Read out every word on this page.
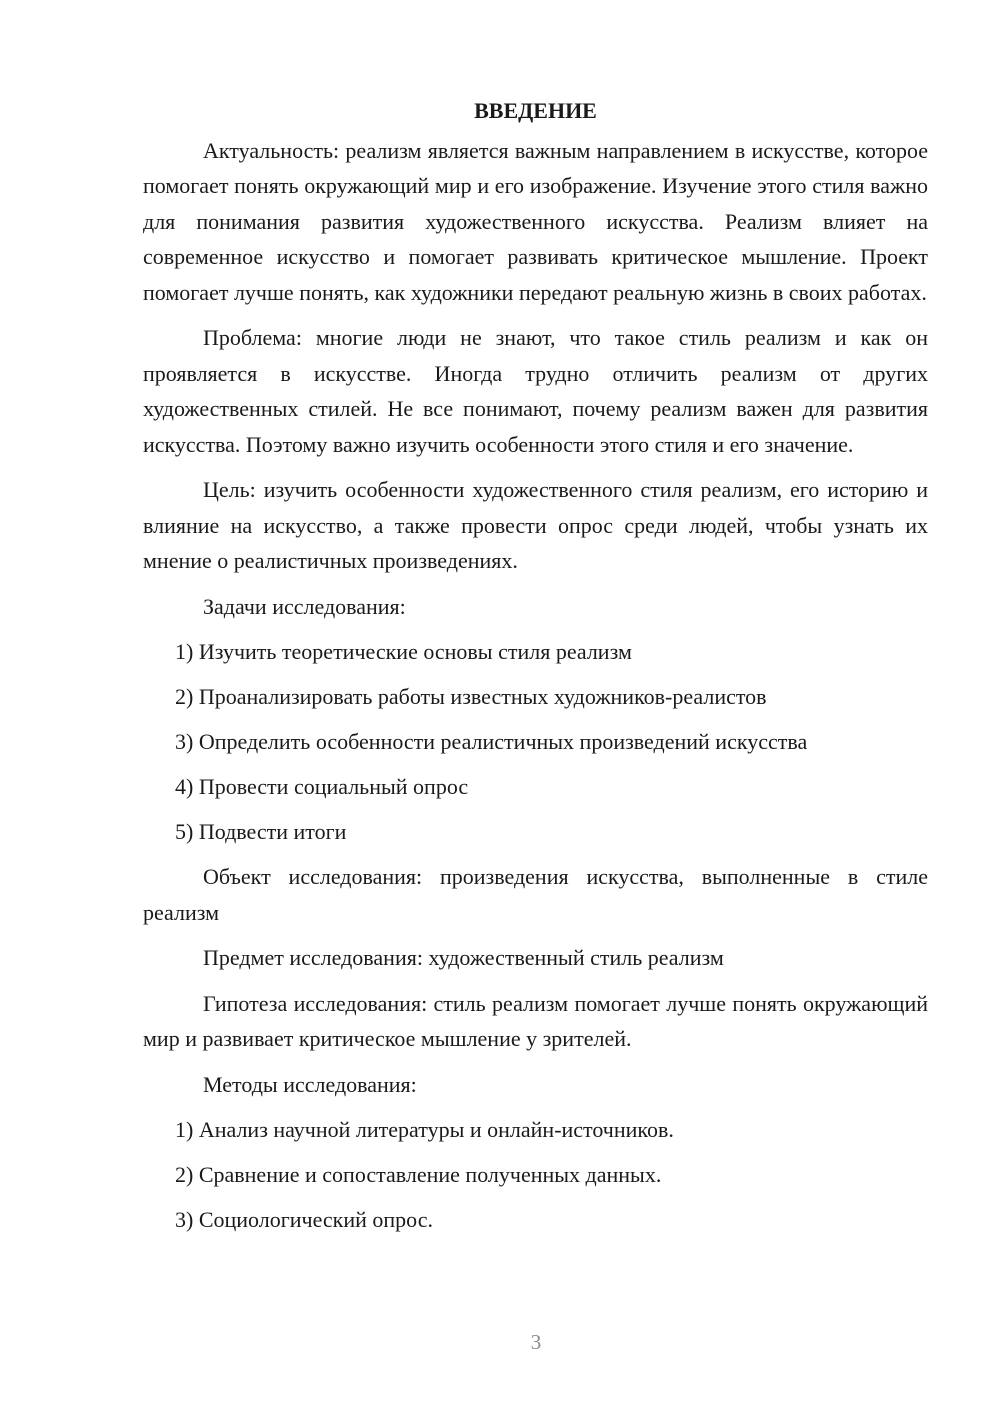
ВВЕДЕНИЕ

Актуальность: реализм является важным направлением в искусстве, которое помогает понять окружающий мир и его изображение. Изучение этого стиля важно для понимания развития художественного искусства. Реализм влияет на современное искусство и помогает развивать критическое мышление. Проект помогает лучше понять, как художники передают реальную жизнь в своих работах.

Проблема: многие люди не знают, что такое стиль реализм и как он проявляется в искусстве. Иногда трудно отличить реализм от других художественных стилей. Не все понимают, почему реализм важен для развития искусства. Поэтому важно изучить особенности этого стиля и его значение.

Цель: изучить особенности художественного стиля реализм, его историю и влияние на искусство, а также провести опрос среди людей, чтобы узнать их мнение о реалистичных произведениях.

Задачи исследования:

1) Изучить теоретические основы стиля реализм

2) Проанализировать работы известных художников-реалистов

3) Определить особенности реалистичных произведений искусства

4) Провести социальный опрос

5) Подвести итоги

Объект исследования: произведения искусства, выполненные в стиле реализм

Предмет исследования: художественный стиль реализм

Гипотеза исследования: стиль реализм помогает лучше понять окружающий мир и развивает критическое мышление у зрителей.

Методы исследования:

1) Анализ научной литературы и онлайн-источников.

2) Сравнение и сопоставление полученных данных.

3) Социологический опрос.

3
